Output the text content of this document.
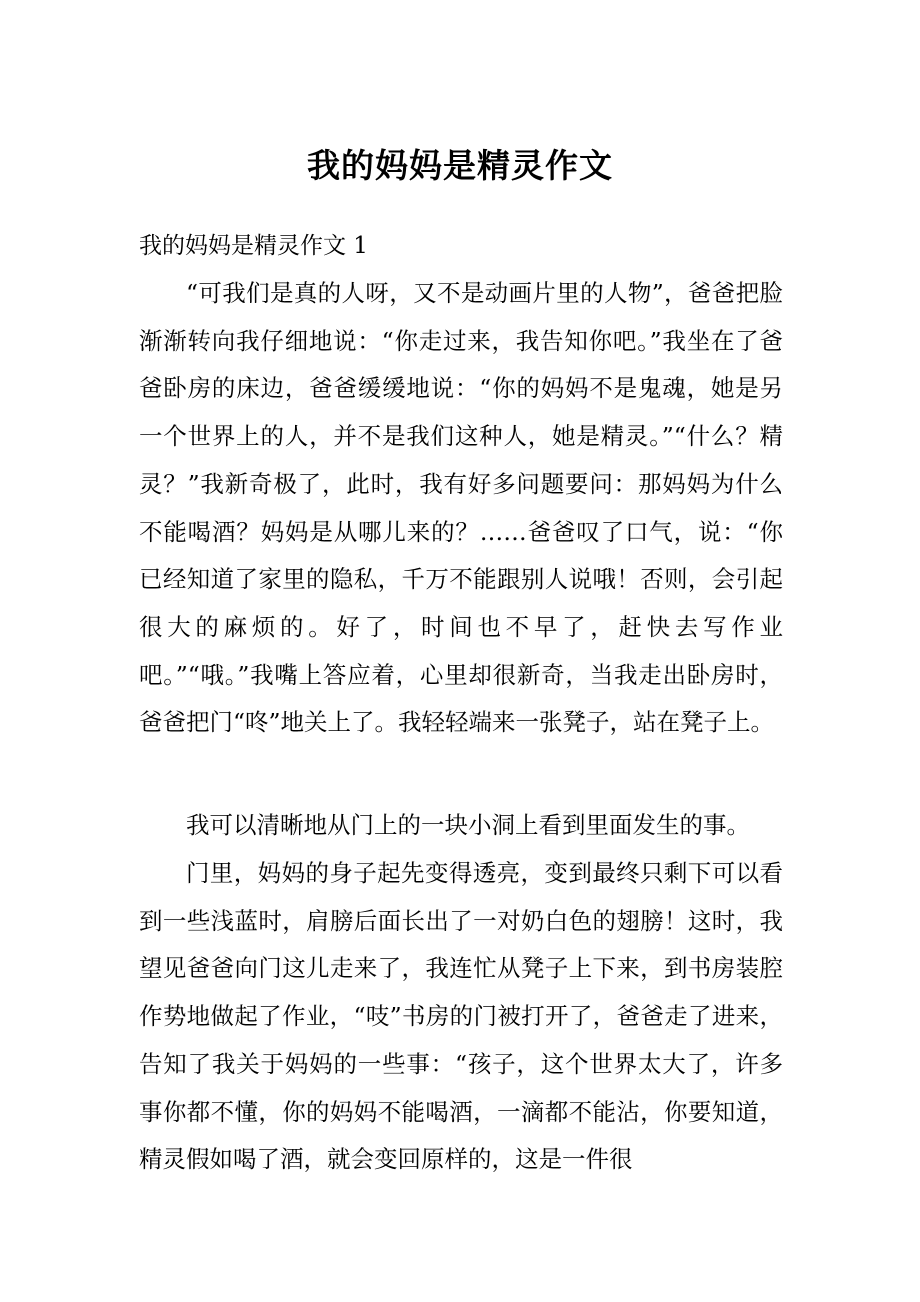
我的妈妈是精灵作文
我的妈妈是精灵作文 1

“可我们是真的人呀，又不是动画片里的人物”，爸爸把脸渐渐转向我仔细地说：“你走过来，我告知你吧。”我坐在了爸爸卧房的床边，爸爸缓缓地说：“你的妈妈不是鬼魂，她是另一个世界上的人，并不是我们这种人，她是精灵。”“什么？精灵？”我新奇极了，此时，我有好多问题要问：那妈妈为什么不能喝酒？妈妈是从哪儿来的？……爸爸叹了口气，说：“你已经知道了家里的隐私，千万不能跟别人说哦！否则，会引起很大的麻烦的。好了，时间也不早了，赶快去写作业吧。”“哦。”我嘴上答应着，心里却很新奇，当我走出卧房时，爸爸把门“咚”地关上了。我轻轻端来一张凳子，站在凳子上。

我可以清晰地从门上的一块小洞上看到里面发生的事。

门里，妈妈的身子起先变得透亮，变到最终只剩下可以看到一些浅蓝时，肩膀后面长出了一对奶白色的翅膀！这时，我望见爸爸向门这儿走来了，我连忙从凳子上下来，到书房装腔作势地做起了作业，“吱”书房的门被打开了，爸爸走了进来，告知了我关于妈妈的一些事：“孩子，这个世界太大了，许多事你都不懂，你的妈妈不能喝酒，一滴都不能沾，你要知道，精灵假如喝了酒，就会变回原样的，这是一件很
